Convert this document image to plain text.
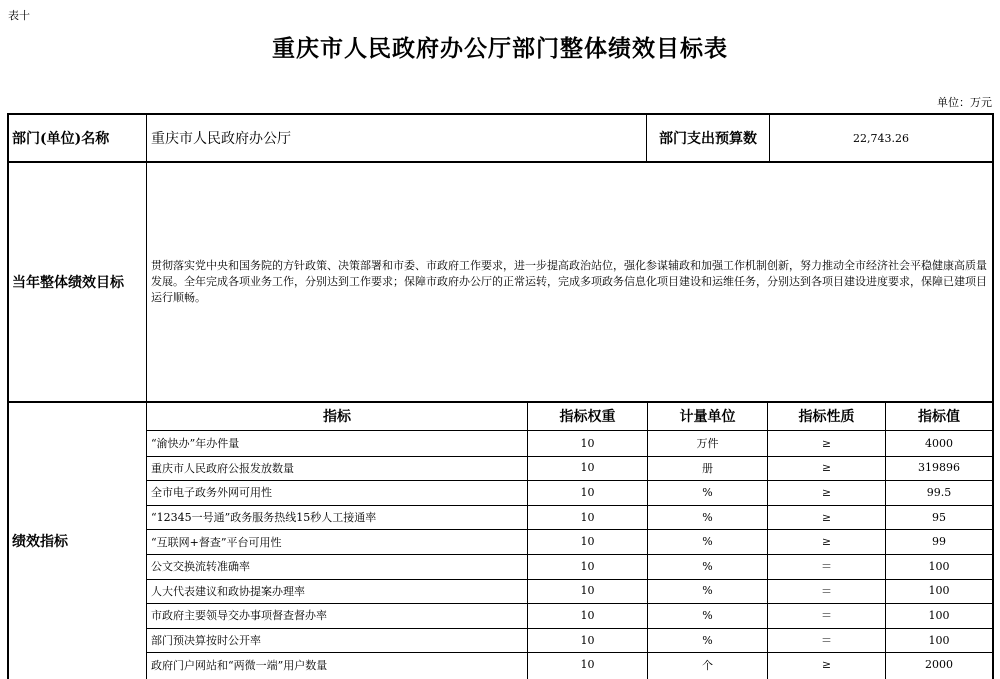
表十
重庆市人民政府办公厅部门整体绩效目标表
单位：万元
部门(单位)名称	重庆市人民政府办公厅	部门支出预算数	22,743.26
当年整体绩效目标
贯彻落实党中央和国务院的方针政策、决策部署和市委、市政府工作要求，进一步提高政治站位，强化参谋辅政和加强工作机制创新，努力推动全市经济社会平稳健康高质量发展。全年完成各项业务工作，分别达到工作要求；保障市政府办公厅的正常运转，完成多项政务信息化项目建设和运维任务，分别达到各项目建设进度要求，保障已建项目运行顺畅。
绩效指标
指标	指标权重	计量单位	指标性质	指标值
“渝快办”年办件量	10	万件	≥	4000
重庆市人民政府公报发放数量	10	册	≥	319896
全市电子政务外网可用性	10	%	≥	99.5
“12345一号通”政务服务热线15秒人工接通率	10	%	≥	95
“互联网+督查”平台可用性	10	%	≥	99
公文交换流转准确率	10	%	＝	100
人大代表建议和政协提案办理率	10	%	＝	100
市政府主要领导交办事项督查督办率	10	%	＝	100
部门预决算按时公开率	10	%	＝	100
政府门户网站和“两微一端”用户数量	10	个	≥	2000
